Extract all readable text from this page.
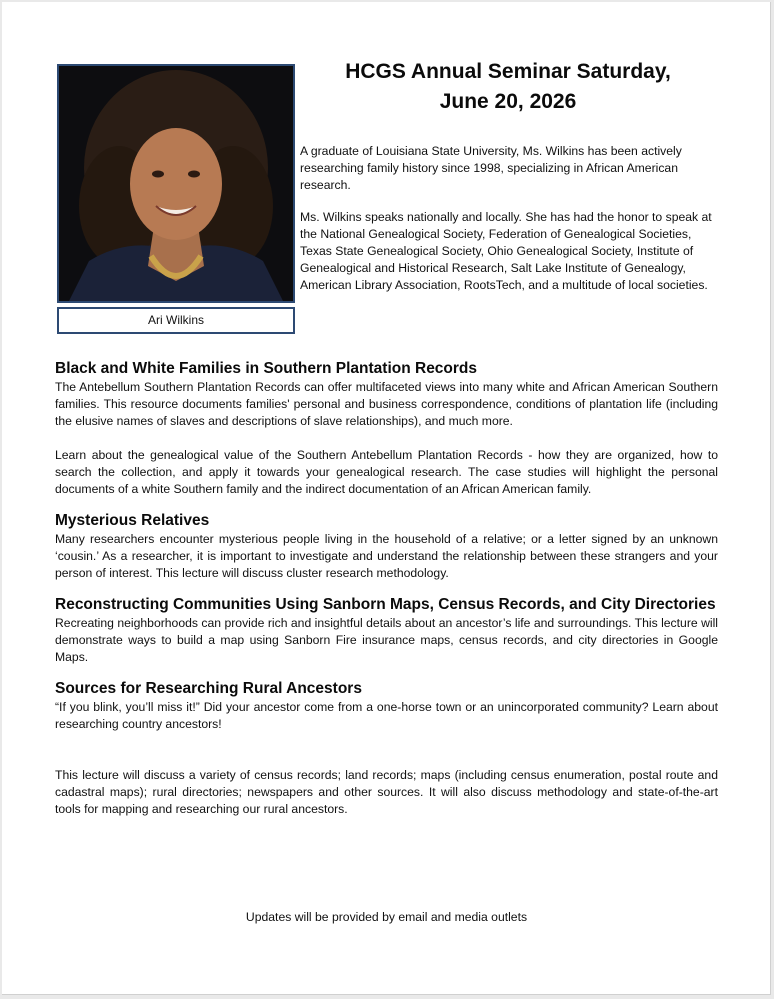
Ari Wilkins
HCGS Annual Seminar Saturday,
June 20, 2026

A graduate of Louisiana State University, Ms. Wilkins has been actively researching family history since 1998, specializing in African American research.

Ms. Wilkins speaks nationally and locally. She has had the honor to speak at the National Genealogical Society, Federation of Genealogical Societies, Texas State Genealogical Society, Ohio Genealogical Society, Institute of Genealogical and Historical Research, Salt Lake Institute of Genealogy, American Library Association, RootsTech, and a multitude of local societies.

Black and White Families in Southern Plantation Records

The Antebellum Southern Plantation Records can offer multifaceted views into many white and African American Southern families. This resource documents families' personal and business correspondence, conditions of plantation life (including the elusive names of slaves and descriptions of slave relationships), and much more.

Learn about the genealogical value of the Southern Antebellum Plantation Records - how they are organized, how to search the collection, and apply it towards your genealogical research. The case studies will highlight the personal documents of a white Southern family and the indirect documentation of an African American family.

Mysterious Relatives

Many researchers encounter mysterious people living in the household of a relative; or a letter signed by an unknown ‘cousin.’ As a researcher, it is important to investigate and understand the relationship between these strangers and your person of interest. This lecture will discuss cluster research methodology.

Reconstructing Communities Using Sanborn Maps, Census Records, and City Directories

Recreating neighborhoods can provide rich and insightful details about an ancestor’s life and surroundings. This lecture will demonstrate ways to build a map using Sanborn Fire insurance maps, census records, and city directories in Google Maps.

Sources for Researching Rural Ancestors

“If you blink, you’ll miss it!” Did your ancestor come from a one-horse town or an unincorporated community? Learn about researching country ancestors!

This lecture will discuss a variety of census records; land records; maps (including census enumeration, postal route and cadastral maps); rural directories; newspapers and other sources. It will also discuss methodology and state-of-the-art tools for mapping and researching our rural ancestors.

Updates will be provided by email and media outlets
